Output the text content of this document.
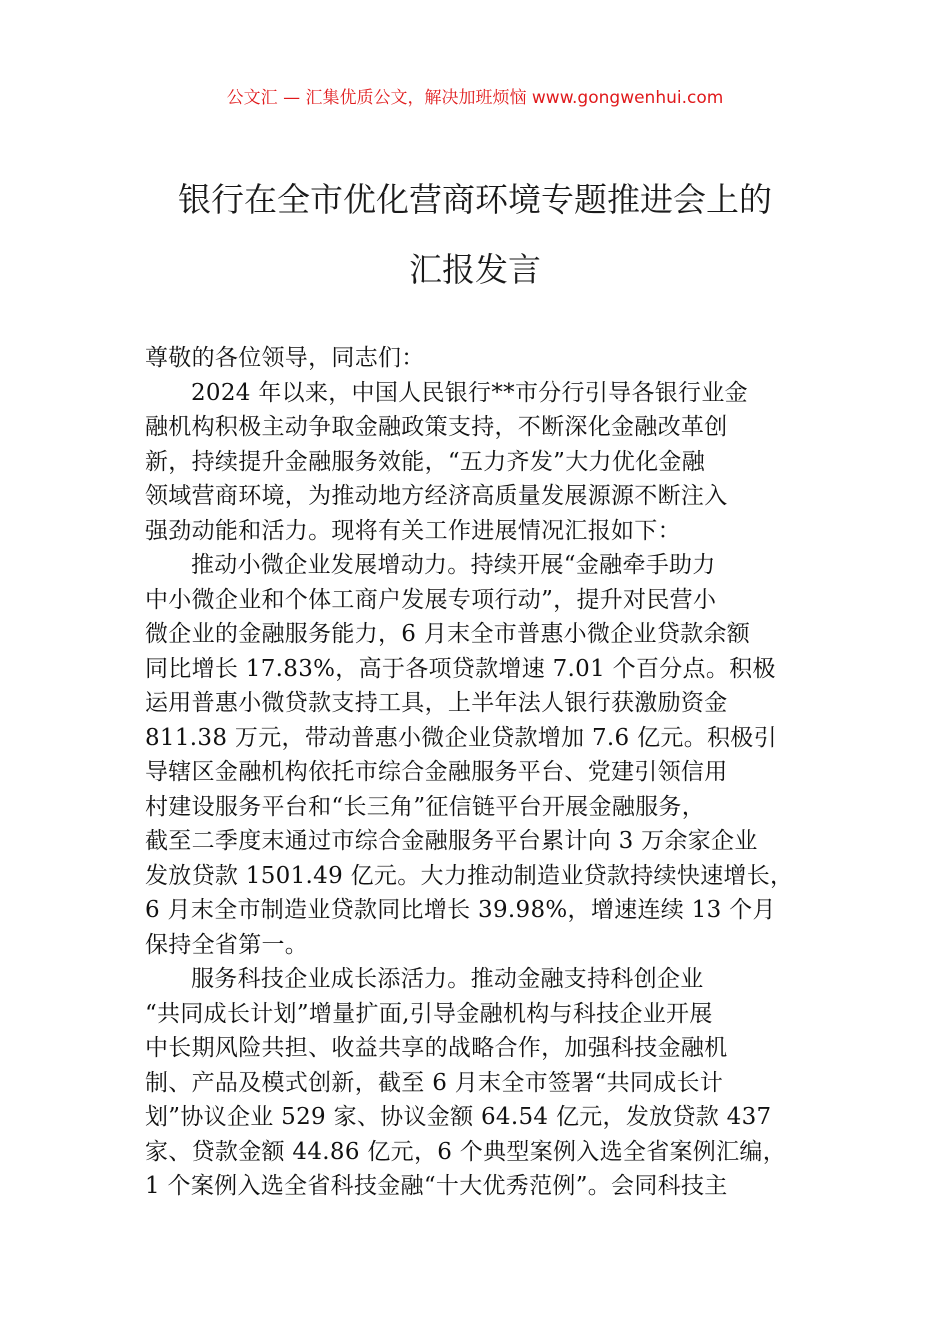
公文汇 — 汇集优质公文，解决加班烦恼 www.gongwenhui.com
银行在全市优化营商环境专题推进会上的
汇报发言
尊敬的各位领导，同志们：
2024 年以来，中国人民银行**市分行引导各银行业金
融机构积极主动争取金融政策支持，不断深化金融改革创
新，持续提升金融服务效能，“五力齐发”大力优化金融
领域营商环境，为推动地方经济高质量发展源源不断注入
强劲动能和活力。现将有关工作进展情况汇报如下：
推动小微企业发展增动力。持续开展“金融牵手助力
中小微企业和个体工商户发展专项行动”，提升对民营小
微企业的金融服务能力，6 月末全市普惠小微企业贷款余额
同比增长 17.83%，高于各项贷款增速 7.01 个百分点。积极
运用普惠小微贷款支持工具，上半年法人银行获激励资金
811.38 万元，带动普惠小微企业贷款增加 7.6 亿元。积极引
导辖区金融机构依托市综合金融服务平台、党建引领信用
村建设服务平台和“长三角”征信链平台开展金融服务，
截至二季度末通过市综合金融服务平台累计向 3 万余家企业
发放贷款 1501.49 亿元。大力推动制造业贷款持续快速增长，
6 月末全市制造业贷款同比增长 39.98%，增速连续 13 个月
保持全省第一。
服务科技企业成长添活力。推动金融支持科创企业
“共同成长计划”增量扩面,引导金融机构与科技企业开展
中长期风险共担、收益共享的战略合作，加强科技金融机
制、产品及模式创新，截至 6 月末全市签署“共同成长计
划”协议企业 529 家、协议金额 64.54 亿元，发放贷款 437
家、贷款金额 44.86 亿元，6 个典型案例入选全省案例汇编，
1 个案例入选全省科技金融“十大优秀范例”。会同科技主
